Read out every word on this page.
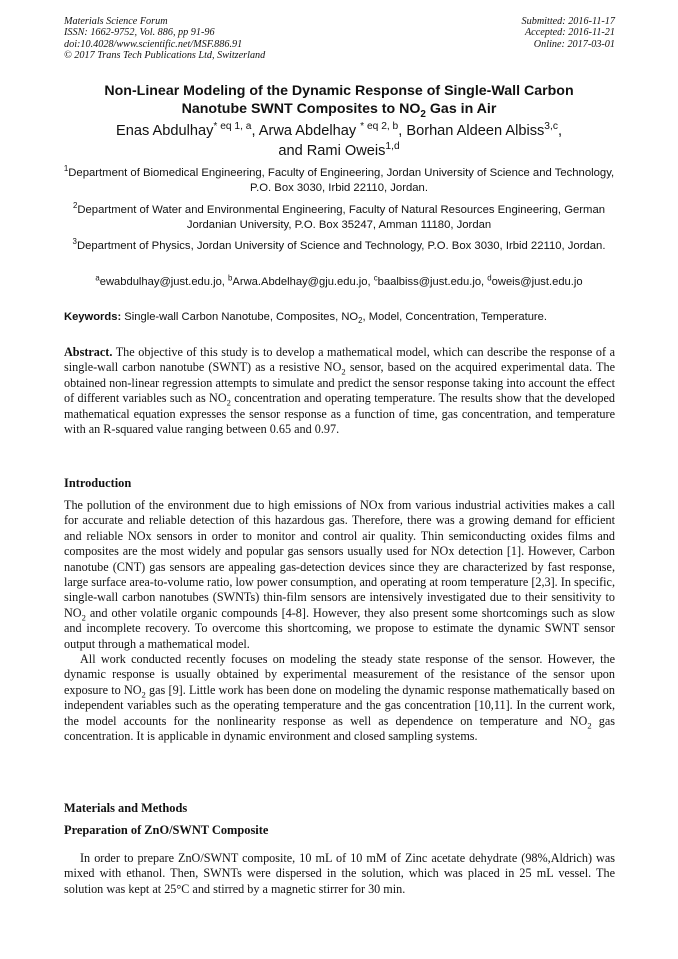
Materials Science Forum
ISSN: 1662-9752, Vol. 886, pp 91-96
doi:10.4028/www.scientific.net/MSF.886.91
© 2017 Trans Tech Publications Ltd, Switzerland
Submitted: 2016-11-17
Accepted: 2016-11-21
Online: 2017-03-01
Non-Linear Modeling of the Dynamic Response of Single-Wall Carbon
Nanotube SWNT Composites to $NO_2$ Gas in Air
Enas Abdulhay$^{* eq 1, a}$, Arwa Abdelhay $^{* eq 2, b}$, Borhan Aldeen Albiss$^{3,c}$,
and Rami Oweis$^{1,d}$
$^1$Department of Biomedical Engineering, Faculty of Engineering, Jordan University of Science and Technology, P.O. Box 3030, Irbid 22110, Jordan.
$^2$Department of Water and Environmental Engineering, Faculty of Natural Resources Engineering, German Jordanian University, P.O. Box 35247, Amman 11180, Jordan
$^3$Department of Physics, Jordan University of Science and Technology, P.O. Box 3030, Irbid 22110, Jordan.
$^a$ewabdulhay@just.edu.jo, $^b$Arwa.Abdelhay@gju.edu.jo, $^c$baalbiss@just.edu.jo, $^d$oweis@just.edu.jo
Keywords: Single-wall Carbon Nanotube, Composites, $NO_2$, Model, Concentration, Temperature.
Abstract. The objective of this study is to develop a mathematical model, which can describe the response of a single-wall carbon nanotube (SWNT) as a resistive $NO_2$ sensor, based on the acquired experimental data. The obtained non-linear regression attempts to simulate and predict the sensor response taking into account the effect of different variables such as $NO_2$ concentration and operating temperature. The results show that the developed mathematical equation expresses the sensor response as a function of time, gas concentration, and temperature with an R-squared value ranging between 0.65 and 0.97.
Introduction

The pollution of the environment due to high emissions of NOx from various industrial activities makes a call for accurate and reliable detection of this hazardous gas. Therefore, there was a growing demand for efficient and reliable NOx sensors in order to monitor and control air quality. Thin semiconducting oxides films and composites are the most widely and popular gas sensors usually used for NOx detection [1]. However, Carbon nanotube (CNT) gas sensors are appealing gas-detection devices since they are characterized by fast response, large surface area-to-volume ratio, low power consumption, and operating at room temperature [2,3]. In specific, single-wall carbon nanotubes (SWNTs) thin-film sensors are intensively investigated due to their sensitivity to $NO_2$ and other volatile organic compounds [4-8]. However, they also present some shortcomings such as slow and incomplete recovery. To overcome this shortcoming, we propose to estimate the dynamic SWNT sensor output through a mathematical model.

All work conducted recently focuses on modeling the steady state response of the sensor. However, the dynamic response is usually obtained by experimental measurement of the resistance of the sensor upon exposure to $NO_2$ gas [9]. Little work has been done on modeling the dynamic response mathematically based on independent variables such as the operating temperature and the gas concentration [10,11]. In the current work, the model accounts for the nonlinearity response as well as dependence on temperature and $NO_2$ gas concentration. It is applicable in dynamic environment and closed sampling systems.

Materials and Methods
Preparation of ZnO/SWNT Composite

In order to prepare ZnO/SWNT composite, 10 mL of 10 mM of Zinc acetate dehydrate (98%,Aldrich) was mixed with ethanol. Then, SWNTs were dispersed in the solution, which was placed in 25 mL vessel. The solution was kept at 25°C and stirred by a magnetic stirrer for 30 min.
